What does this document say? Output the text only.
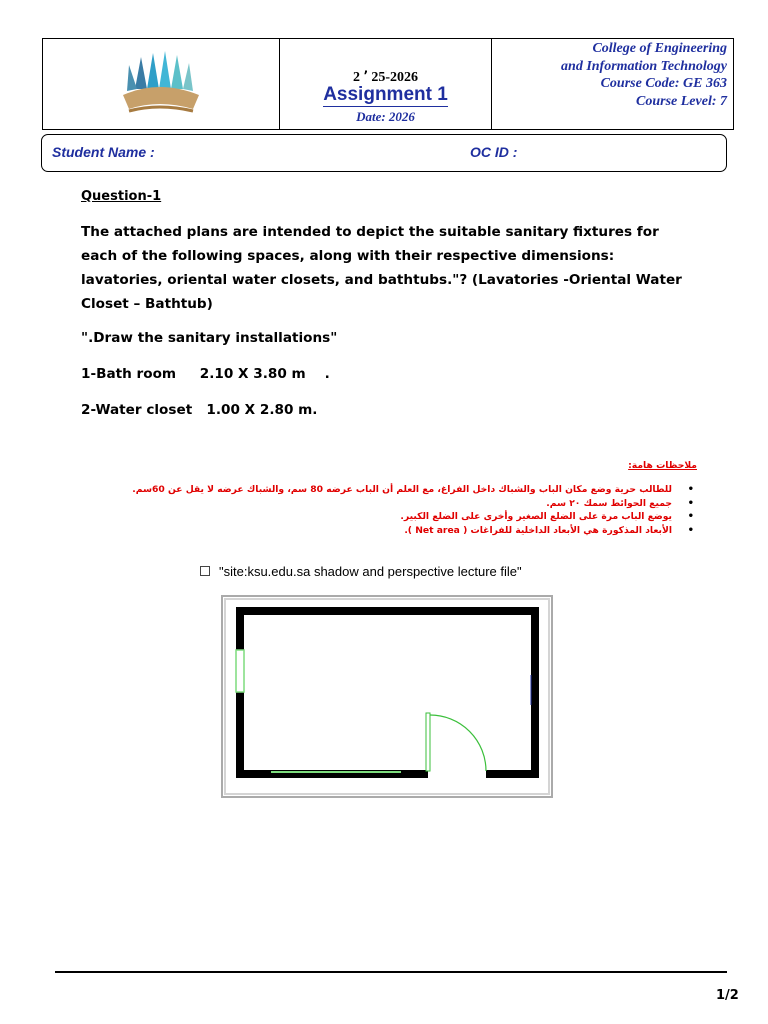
2 ٬ 25-2026
Assignment 1
Date: 2026
College of Engineering
and Information Technology
Course Code: GE 363
Course Level: 7
Student Name :	OC ID :
Question-1
The attached plans are intended to depict the suitable sanitary fixtures for each of the following spaces, along with their respective dimensions: lavatories, oriental water closets, and bathtubs."? (Lavatories -Oriental Water Closet – Bathtub)
".Draw the sanitary installations"
1-Bath room     2.10 X 3.80 m    .
2-Water closet   1.00 X 2.80 m.
ملاحظات هامة:
• للطالب حرية وضع مكان الباب والشباك داخل الفراغ، مع العلم أن الباب عرضه 80 سم، والشباك عرضه لا يقل عن 60سم.
• جميع الحوائط سمك ٢٠ سم.
• يوضع الباب مرة على الضلع الصغير وأخرى على الضلع الكبير.
• الأبعاد المذكورة هي الأبعاد الداخلية للفراغات ( Net area ).
"site:ksu.edu.sa shadow and perspective lecture file"
1/2
